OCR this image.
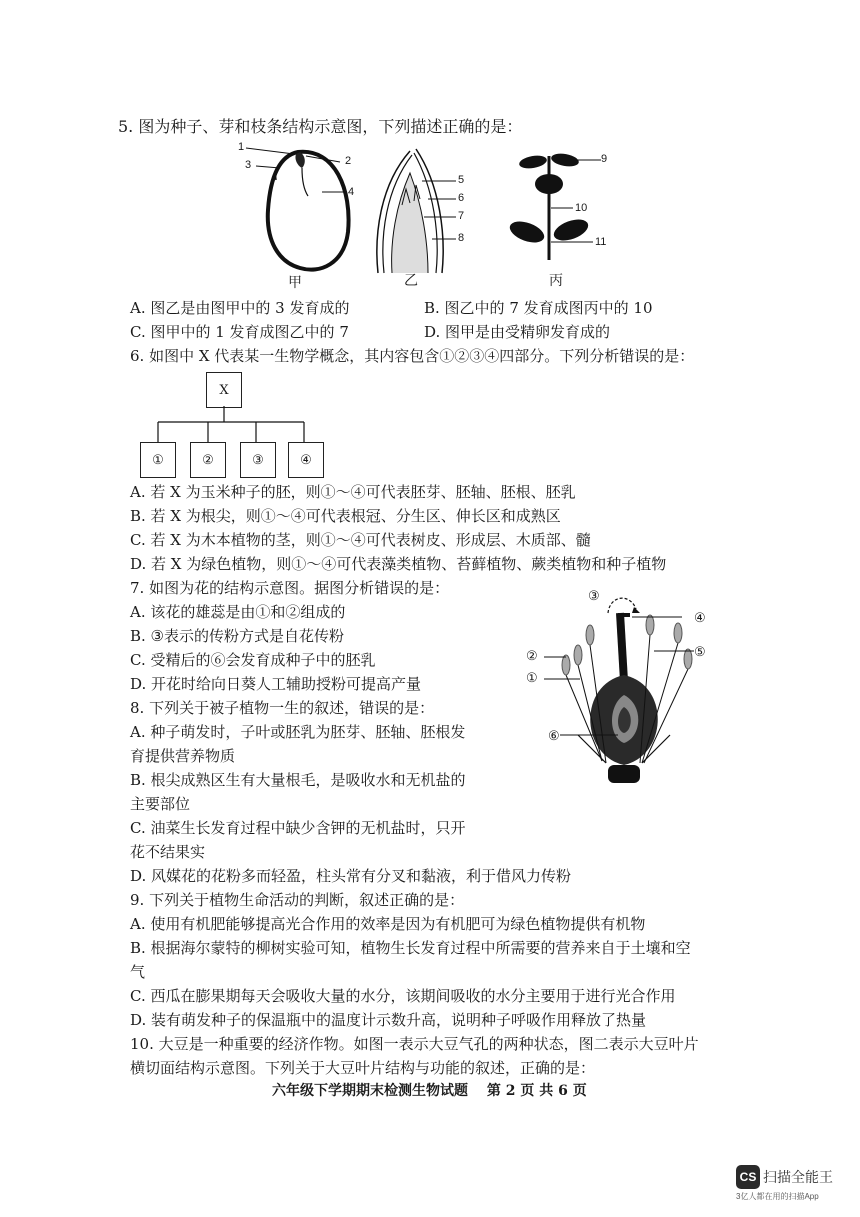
5. 图为种子、芽和枝条结构示意图，下列描述正确的是：
1
3	2
4
甲
5
6
7
8
乙
9
10
11
丙
A. 图乙是由图甲中的 3 发育成的	B. 图乙中的 7 发育成图丙中的 10
C. 图甲中的 1 发育成图乙中的 7	D. 图甲是由受精卵发育成的
6. 如图中 X 代表某一生物学概念，其内容包含①②③④四部分。下列分析错误的是：
X
①	②	③	④
A. 若 X 为玉米种子的胚，则①～④可代表胚芽、胚轴、胚根、胚乳
B. 若 X 为根尖，则①～④可代表根冠、分生区、伸长区和成熟区
C. 若 X 为木本植物的茎，则①～④可代表树皮、形成层、木质部、髓
D. 若 X 为绿色植物，则①～④可代表藻类植物、苔藓植物、蕨类植物和种子植物
7. 如图为花的结构示意图。据图分析错误的是：
A. 该花的雄蕊是由①和②组成的
B. ③表示的传粉方式是自花传粉
C. 受精后的⑥会发育成种子中的胚乳
D. 开花时给向日葵人工辅助授粉可提高产量
③
④
②	⑤
①
⑥
8. 下列关于被子植物一生的叙述，错误的是：
A. 种子萌发时，子叶或胚乳为胚芽、胚轴、胚根发
育提供营养物质
B. 根尖成熟区生有大量根毛，是吸收水和无机盐的
主要部位
C. 油菜生长发育过程中缺少含钾的无机盐时，只开
花不结果实
D. 风媒花的花粉多而轻盈，柱头常有分叉和黏液，利于借风力传粉
9. 下列关于植物生命活动的判断，叙述正确的是：
A. 使用有机肥能够提高光合作用的效率是因为有机肥可为绿色植物提供有机物
B. 根据海尔蒙特的柳树实验可知，植物生长发育过程中所需要的营养来自于土壤和空
气
C. 西瓜在膨果期每天会吸收大量的水分，该期间吸收的水分主要用于进行光合作用
D. 装有萌发种子的保温瓶中的温度计示数升高，说明种子呼吸作用释放了热量
10. 大豆是一种重要的经济作物。如图一表示大豆气孔的两种状态，图二表示大豆叶片
横切面结构示意图。下列关于大豆叶片结构与功能的叙述，正确的是：
六年级下学期期末检测生物试题　 第 2 页 共 6 页
CS 扫描全能王
3亿人都在用的扫描App
